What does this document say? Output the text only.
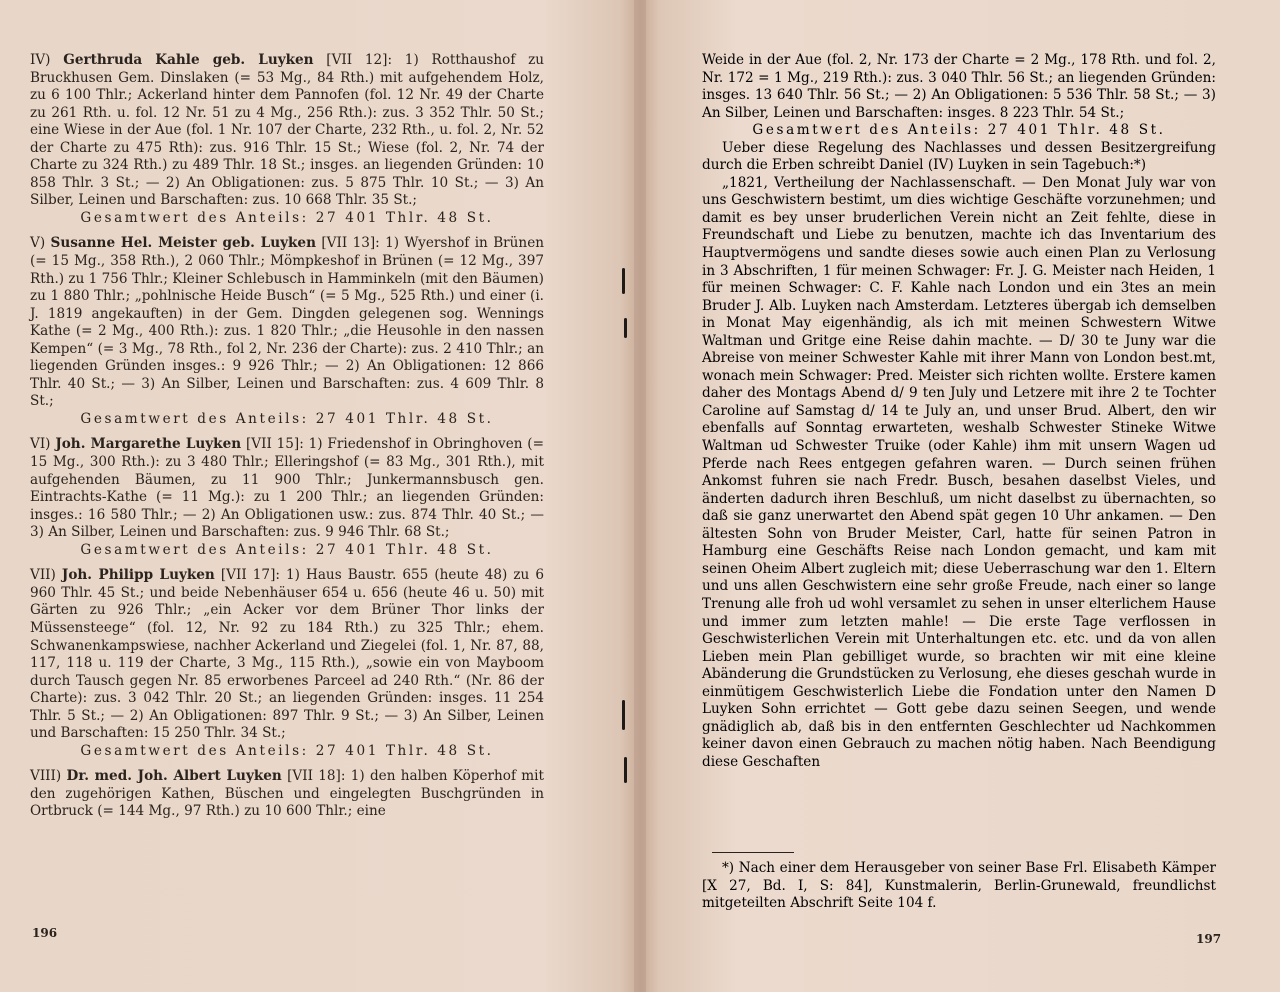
IV) Gerthruda Kahle geb. Luyken [VII 12]: 1) Rotthaushof zu Bruckhusen Gem. Dinslaken (= 53 Mg., 84 Rth.) mit aufgehendem Holz, zu 6 100 Thlr.; Ackerland hinter dem Pannofen (fol. 12 Nr. 49 der Charte zu 261 Rth. u. fol. 12 Nr. 51 zu 4 Mg., 256 Rth.): zus. 3 352 Thlr. 50 St.; eine Wiese in der Aue (fol. 1 Nr. 107 der Charte, 232 Rth., u. fol. 2, Nr. 52 der Charte zu 475 Rth): zus. 916 Thlr. 15 St.; Wiese (fol. 2, Nr. 74 der Charte zu 324 Rth.) zu 489 Thlr. 18 St.; insges. an liegenden Gründen: 10 858 Thlr. 3 St.; — 2) An Obligationen: zus. 5 875 Thlr. 10 St.; — 3) An Silber, Leinen und Barschaften: zus. 10 668 Thlr. 35 St.;

Gesamtwert des Anteils: 27 401 Thlr. 48 St.

V) Susanne Hel. Meister geb. Luyken [VII 13]: 1) Wyershof in Brünen (= 15 Mg., 358 Rth.), 2 060 Thlr.; Mömpkeshof in Brünen (= 12 Mg., 397 Rth.) zu 1 756 Thlr.; Kleiner Schlebusch in Hamminkeln (mit den Bäumen) zu 1 880 Thlr.; „pohlnische Heide Busch“ (= 5 Mg., 525 Rth.) und einer (i. J. 1819 angekauften) in der Gem. Dingden gelegenen sog. Wennings Kathe (= 2 Mg., 400 Rth.): zus. 1 820 Thlr.; „die Heusohle in den nassen Kempen“ (= 3 Mg., 78 Rth., fol 2, Nr. 236 der Charte): zus. 2 410 Thlr.; an liegenden Gründen insges.: 9 926 Thlr.; — 2) An Obligationen: 12 866 Thlr. 40 St.; — 3) An Silber, Leinen und Barschaften: zus. 4 609 Thlr. 8 St.;

Gesamtwert des Anteils: 27 401 Thlr. 48 St.

VI) Joh. Margarethe Luyken [VII 15]: 1) Friedenshof in Obringhoven (= 15 Mg., 300 Rth.): zu 3 480 Thlr.; Elleringshof (= 83 Mg., 301 Rth.), mit aufgehenden Bäumen, zu 11 900 Thlr.; Junkermannsbusch gen. Eintrachts-Kathe (= 11 Mg.): zu 1 200 Thlr.; an liegenden Gründen: insges.: 16 580 Thlr.; — 2) An Obligationen usw.: zus. 874 Thlr. 40 St.; — 3) An Silber, Leinen und Barschaften: zus. 9 946 Thlr. 68 St.;

Gesamtwert des Anteils: 27 401 Thlr. 48 St.

VII) Joh. Philipp Luyken [VII 17]: 1) Haus Baustr. 655 (heute 48) zu 6 960 Thlr. 45 St.; und beide Nebenhäuser 654 u. 656 (heute 46 u. 50) mit Gärten zu 926 Thlr.; „ein Acker vor dem Brüner Thor links der Müssensteege“ (fol. 12, Nr. 92 zu 184 Rth.) zu 325 Thlr.; ehem. Schwanenkampswiese, nachher Ackerland und Ziegelei (fol. 1, Nr. 87, 88, 117, 118 u. 119 der Charte, 3 Mg., 115 Rth.), „sowie ein von Mayboom durch Tausch gegen Nr. 85 erworbenes Parceel ad 240 Rth.“ (Nr. 86 der Charte): zus. 3 042 Thlr. 20 St.; an liegenden Gründen: insges. 11 254 Thlr. 5 St.; — 2) An Obligationen: 897 Thlr. 9 St.; — 3) An Silber, Leinen und Barschaften: 15 250 Thlr. 34 St.;

Gesamtwert des Anteils: 27 401 Thlr. 48 St.

VIII) Dr. med. Joh. Albert Luyken [VII 18]: 1) den halben Köperhof mit den zugehörigen Kathen, Büschen und eingelegten Buschgründen in Ortbruck (= 144 Mg., 97 Rth.) zu 10 600 Thlr.; eine

196

Weide in der Aue (fol. 2, Nr. 173 der Charte = 2 Mg., 178 Rth. und fol. 2, Nr. 172 = 1 Mg., 219 Rth.): zus. 3 040 Thlr. 56 St.; an liegenden Gründen: insges. 13 640 Thlr. 56 St.; — 2) An Obligationen: 5 536 Thlr. 58 St.; — 3) An Silber, Leinen und Barschaften: insges. 8 223 Thlr. 54 St.;

Gesamtwert des Anteils: 27 401 Thlr. 48 St.

Ueber diese Regelung des Nachlasses und dessen Besitzergreifung durch die Erben schreibt Daniel (IV) Luyken in sein Tagebuch:*)

„1821, Vertheilung der Nachlassenschaft. — Den Monat July war von uns Geschwistern bestimt, um dies wichtige Geschäfte vorzunehmen; und damit es bey unser bruderlichen Verein nicht an Zeit fehlte, diese in Freundschaft und Liebe zu benutzen, machte ich das Inventarium des Hauptvermögens und sandte dieses sowie auch einen Plan zu Verlosung in 3 Abschriften, 1 für meinen Schwager: Fr. J. G. Meister nach Heiden, 1 für meinen Schwager: C. F. Kahle nach London und ein 3tes an mein Bruder J. Alb. Luyken nach Amsterdam. Letzteres übergab ich demselben in Monat May eigenhändig, als ich mit meinen Schwestern Witwe Waltman und Gritge eine Reise dahin machte. — D/ 30 te Juny war die Abreise von meiner Schwester Kahle mit ihrer Mann von London best.mt, wonach mein Schwager: Pred. Meister sich richten wollte. Erstere kamen daher des Montags Abend d/ 9 ten July und Letzere mit ihre 2 te Tochter Caroline auf Samstag d/ 14 te July an, und unser Brud. Albert, den wir ebenfalls auf Sonntag erwarteten, weshalb Schwester Stineke Witwe Waltman ud Schwester Truike (oder Kahle) ihm mit unsern Wagen ud Pferde nach Rees entgegen gefahren waren. — Durch seinen frühen Ankomst fuhren sie nach Fredr. Busch, besahen daselbst Vieles, und änderten dadurch ihren Beschluß, um nicht daselbst zu übernachten, so daß sie ganz unerwartet den Abend spät gegen 10 Uhr ankamen. — Den ältesten Sohn von Bruder Meister, Carl, hatte für seinen Patron in Hamburg eine Geschäfts Reise nach London gemacht, und kam mit seinen Oheim Albert zugleich mit; diese Ueberraschung war den 1. Eltern und uns allen Geschwistern eine sehr große Freude, nach einer so lange Trenung alle froh ud wohl versamlet zu sehen in unser elterlichem Hause und immer zum letzten mahle! — Die erste Tage verflossen in Geschwisterlichen Verein mit Unterhaltungen etc. etc. und da von allen Lieben mein Plan gebilliget wurde, so brachten wir mit eine kleine Abänderung die Grundstücken zu Verlosung, ehe dieses geschah wurde in einmütigem Geschwisterlich Liebe die Fondation unter den Namen D Luyken Sohn errichtet — Gott gebe dazu seinen Seegen, und wende gnädiglich ab, daß bis in den entfernten Geschlechter ud Nachkommen keiner davon einen Gebrauch zu machen nötig haben. Nach Beendigung diese Geschaften

*) Nach einer dem Herausgeber von seiner Base Frl. Elisabeth Kämper [X 27, Bd. I, S: 84], Kunstmalerin, Berlin-Grunewald, freundlichst mitgeteilten Abschrift Seite 104 f.

197
